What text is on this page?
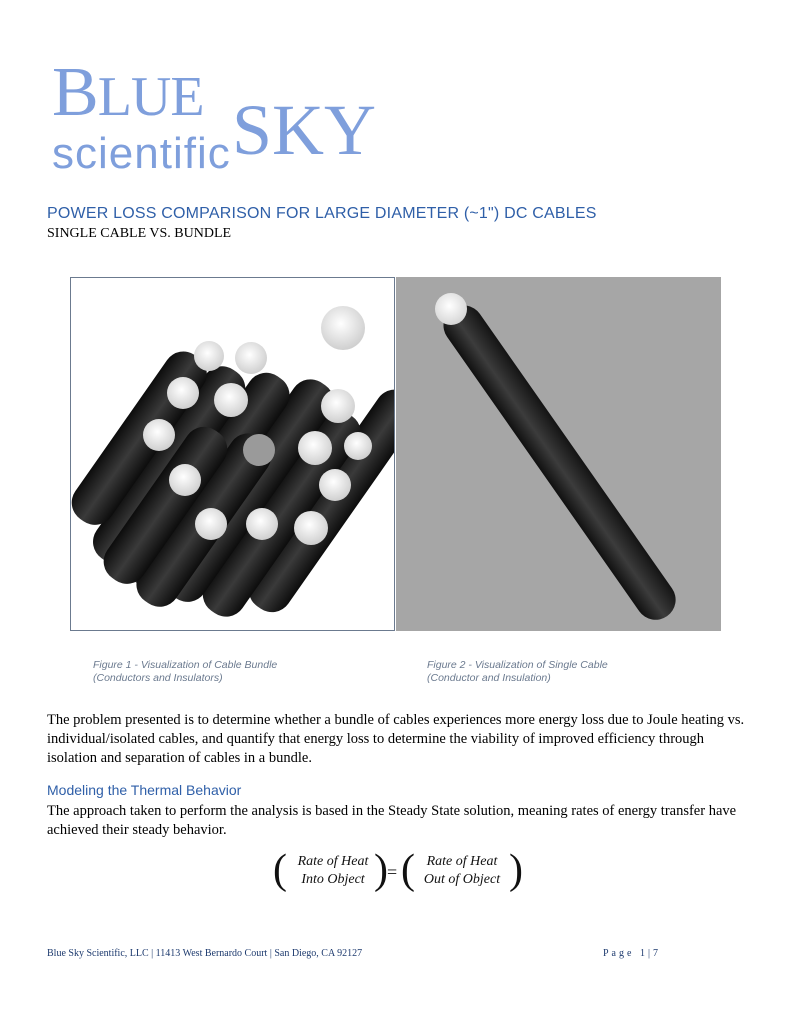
BLUE SKY
scientific
POWER LOSS COMPARISON FOR LARGE DIAMETER (~1") DC CABLES
SINGLE CABLE VS. BUNDLE
Figure 1 - Visualization of Cable Bundle
(Conductors and Insulators)
Figure 2 - Visualization of Single Cable
(Conductor and Insulation)
The problem presented is to determine whether a bundle of cables experiences more energy loss due to Joule heating vs. individual/isolated cables, and quantify that energy loss to determine the viability of improved efficiency through isolation and separation of cables in a bundle.
Modeling the Thermal Behavior
The approach taken to perform the analysis is based in the Steady State solution, meaning rates of energy transfer have achieved their steady behavior.
( Rate of Heat
Into Object ) = ( Rate of Heat
Out of Object )
Blue Sky Scientific, LLC | 11413 West Bernardo Court | San Diego, CA 92127	Page 1|7
